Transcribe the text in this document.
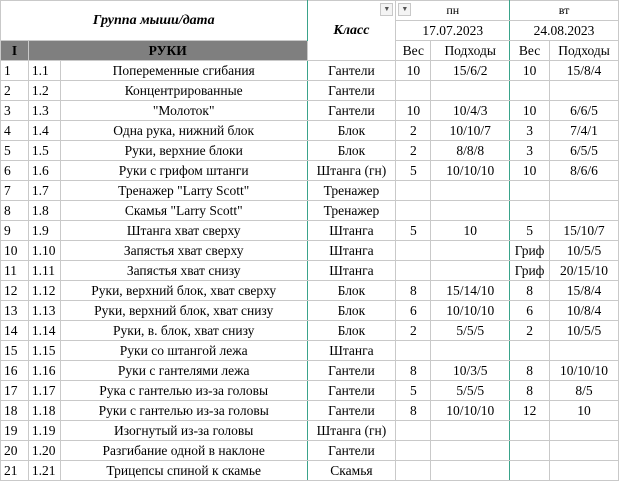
Группа мыши/дата			Класс
▼	▼ пн		вт	
				17.07.2023		24.08.2023	
I	РУКИ			Вес	Подходы	Вес	Подходы
1	1.1	Попеременные сгибания	Гантели	10	15/6/2	10	15/8/4
2	1.2	Концентрированные	Гантели				
3	1.3	"Молоток"	Гантели	10	10/4/3	10	6/6/5
4	1.4	Одна рука, нижний блок	Блок	2	10/10/7	3	7/4/1
5	1.5	Руки, верхние блоки	Блок	2	8/8/8	3	6/5/5
6	1.6	Руки с грифом штанги	Штанга (гн)	5	10/10/10	10	8/6/6
7	1.7	Тренажер "Larry Scott"	Тренажер				
8	1.8	Скамья "Larry Scott"	Тренажер				
9	1.9	Штанга хват сверху	Штанга	5	10	5	15/10/7
10	1.10	Запястья хват сверху	Штанга			Гриф	10/5/5
11	1.11	Запястья хват снизу	Штанга			Гриф	20/15/10
12	1.12	Руки, верхний блок, хват сверху	Блок	8	15/14/10	8	15/8/4
13	1.13	Руки, верхний блок, хват снизу	Блок	6	10/10/10	6	10/8/4
14	1.14	Руки, в. блок, хват снизу	Блок	2	5/5/5	2	10/5/5
15	1.15	Руки со штангой лежа	Штанга				
16	1.16	Руки с гантелями лежа	Гантели	8	10/3/5	8	10/10/10
17	1.17	Рука с гантелью из-за головы	Гантели	5	5/5/5	8	8/5
18	1.18	Руки с гантелью из-за головы	Гантели	8	10/10/10	12	10
19	1.19	Изогнутый из-за головы	Штанга (гн)				
20	1.20	Разгибание одной в наклоне	Гантели				
21	1.21	Трицепсы спиной к скамье	Скамья				
